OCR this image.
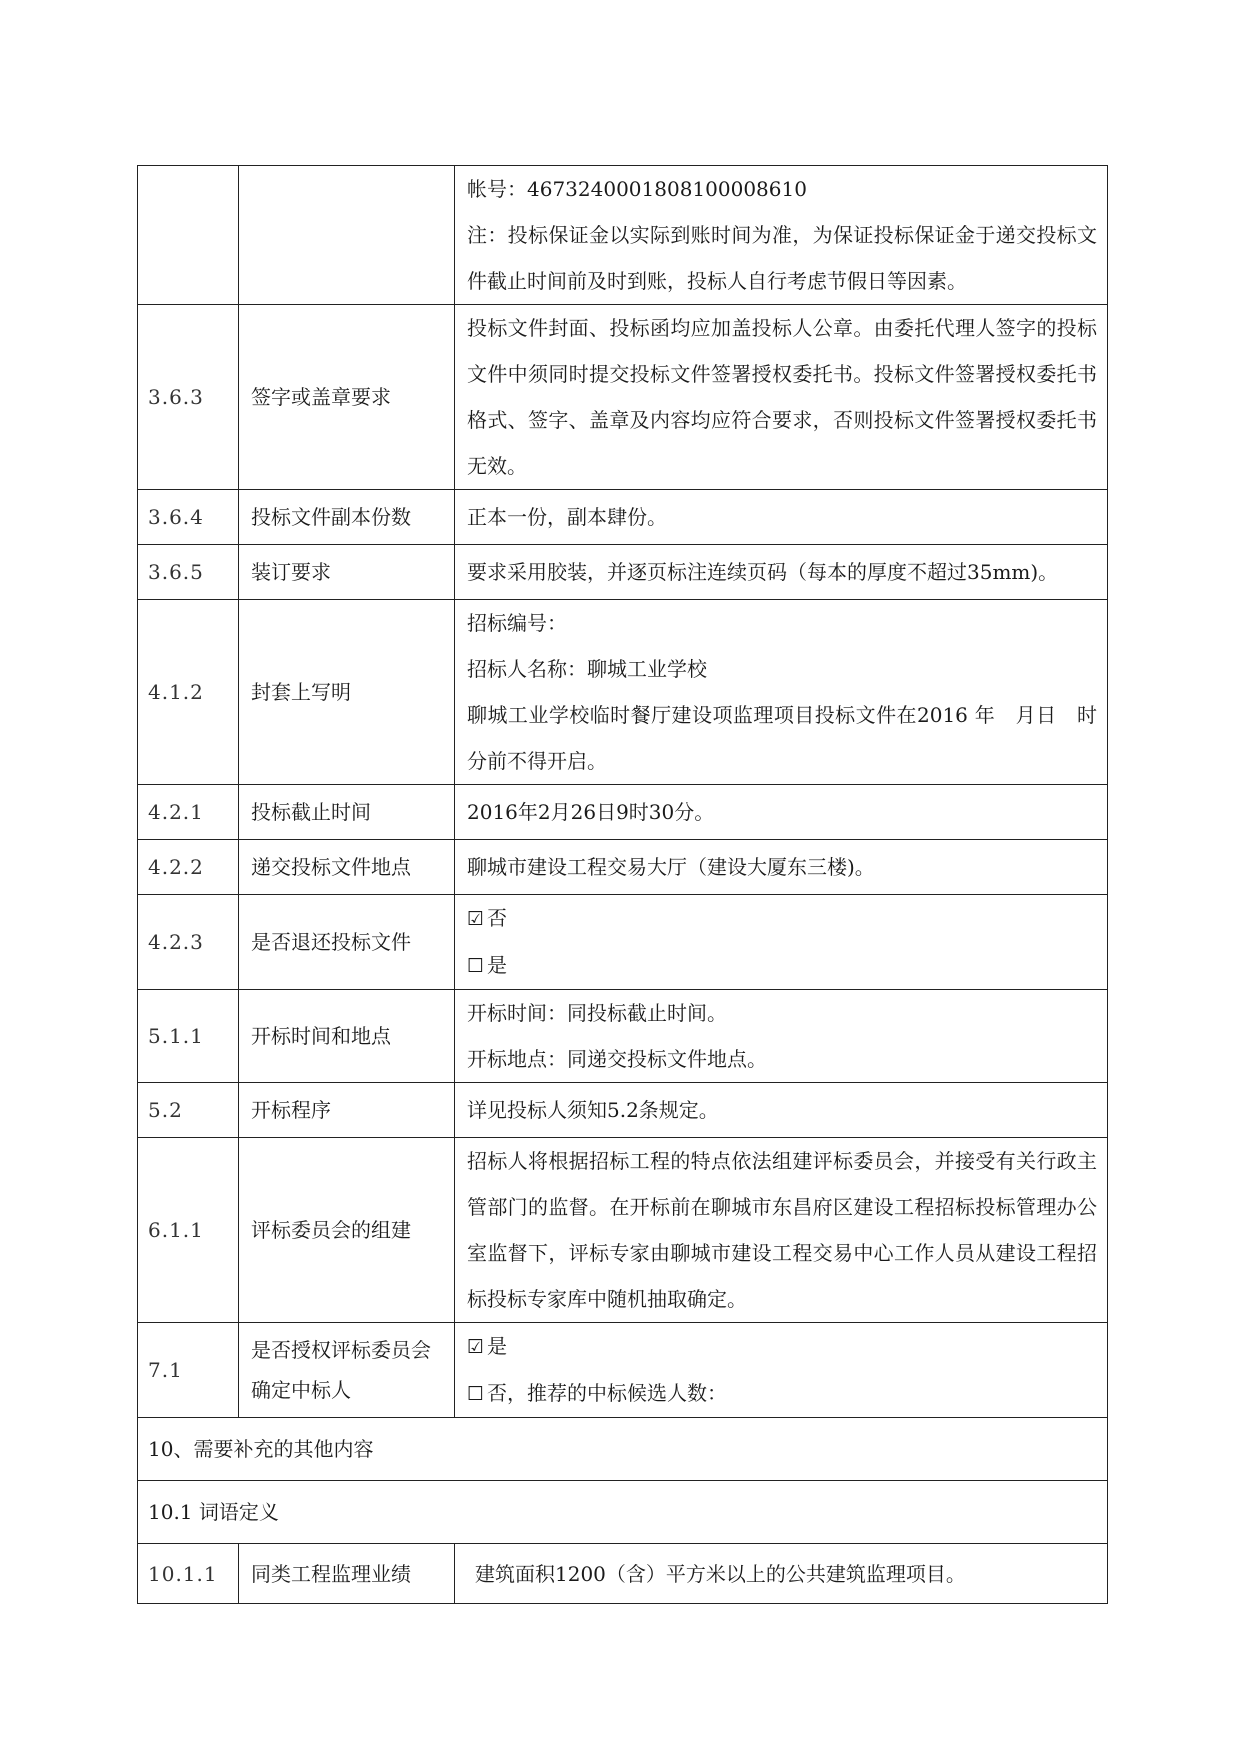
		帐号：4673240001808100008610
注：投标保证金以实际到账时间为准，为保证投标保证金于递交投标文件截止时间前及时到账，投标人自行考虑节假日等因素。

3.6.3	签字或盖章要求	投标文件封面、投标函均应加盖投标人公章。由委托代理人签字的投标文件中须同时提交投标文件签署授权委托书。投标文件签署授权委托书格式、签字、盖章及内容均应符合要求，否则投标文件签署授权委托书无效。

3.6.4	投标文件副本份数	正本一份，副本肆份。
3.6.5	装订要求	要求采用胶装，并逐页标注连续页码（每本的厚度不超过35mm)。

4.1.2	封套上写明	招标编号：
招标人名称：聊城工业学校
聊城工业学校临时餐厅建设项监理项目投标文件在2016 年　月日　时　分前不得开启。

4.2.1	投标截止时间	2016年2月26日9时30分。
4.2.2	递交投标文件地点	聊城市建设工程交易大厅（建设大厦东三楼)。
4.2.3	是否退还投标文件	☑ 否
☐ 是

5.1.1	开标时间和地点	开标时间：同投标截止时间。
开标地点：同递交投标文件地点。

5.2	开标程序	详见投标人须知5.2条规定。
6.1.1	评标委员会的组建	招标人将根据招标工程的特点依法组建评标委员会，并接受有关行政主管部门的监督。在开标前在聊城市东昌府区建设工程招标投标管理办公室监督下，评标专家由聊城市建设工程交易中心工作人员从建设工程招标投标专家库中随机抽取确定。

7.1	是否授权评标委员会确定中标人	☑ 是
☐ 否，推荐的中标候选人数：

10、需要补充的其他内容		
10.1 词语定义		
10.1.1	同类工程监理业绩	建筑面积1200（含）平方米以上的公共建筑监理项目。
